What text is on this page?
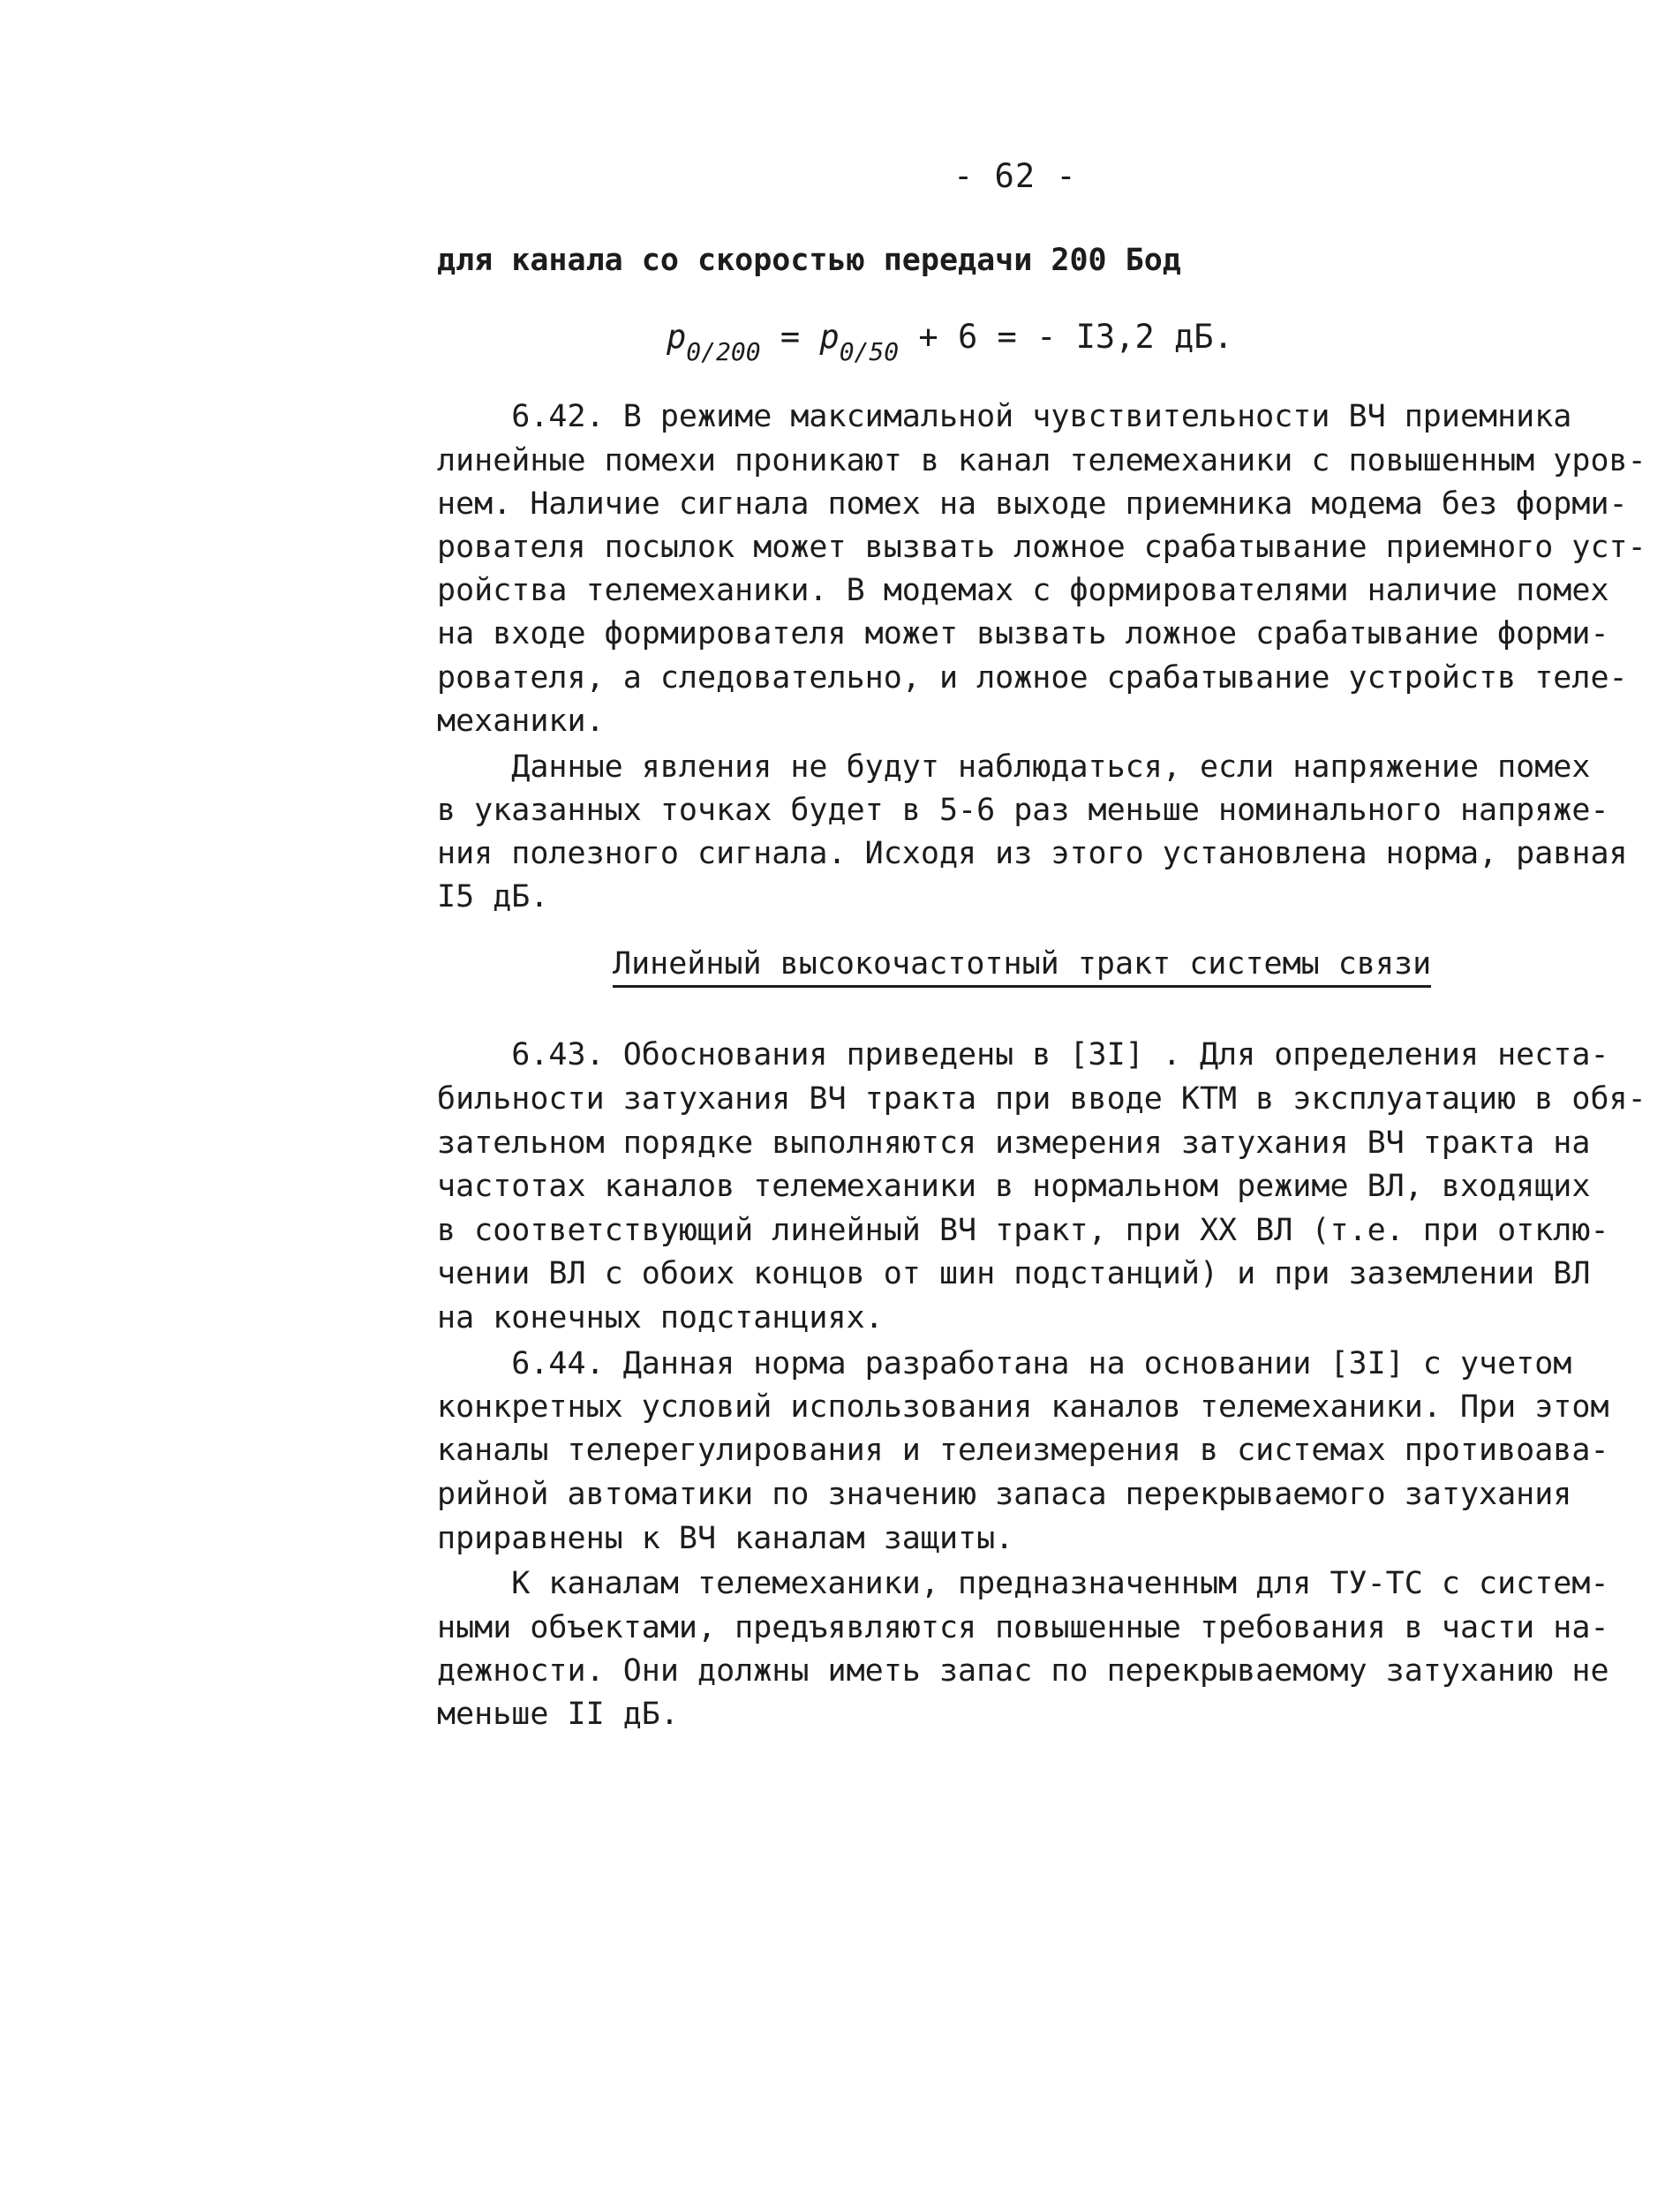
- 62 -
для канала со скоростью передачи 200 Бод
$p_{0/200} = p_{0/50} + 6$ = - I3,2 дБ.
6.42. В режиме максимальной чувствительности ВЧ приемника
линейные помехи проникают в канал телемеханики с повышенным уров-
нем. Наличие сигнала помех на выходе приемника модема без форми-
рователя посылок может вызвать ложное срабатывание приемного уст-
ройства телемеханики. В модемах с формирователями наличие помех
на входе формирователя может вызвать ложное срабатывание форми-
рователя, а следовательно, и ложное срабатывание устройств теле-
механики.
Данные явления не будут наблюдаться, если напряжение помех
в указанных точках будет в 5-6 раз меньше номинального напряже-
ния полезного сигнала. Исходя из этого установлена норма, равная
I5 дБ.
Линейный высокочастотный тракт системы связи
6.43. Обоснования приведены в [3I] . Для определения неста-
бильности затухания ВЧ тракта при вводе КТМ в эксплуатацию в обя-
зательном порядке выполняются измерения затухания ВЧ тракта на
частотах каналов телемеханики в нормальном режиме ВЛ, входящих
в соответствующий линейный ВЧ тракт, при XX ВЛ (т.е. при отклю-
чении ВЛ с обоих концов от шин подстанций) и при заземлении ВЛ
на конечных подстанциях.
6.44. Данная норма разработана на основании [3I] с учетом
конкретных условий использования каналов телемеханики. При этом
каналы телерегулирования и телеизмерения в системах противоава-
рийной автоматики по значению запаса перекрываемого затухания
приравнены к ВЧ каналам защиты.
К каналам телемеханики, предназначенным для ТУ-ТС с систем-
ными объектами, предъявляются повышенные требования в части на-
дежности. Они должны иметь запас по перекрываемому затуханию не
меньше II дБ.
